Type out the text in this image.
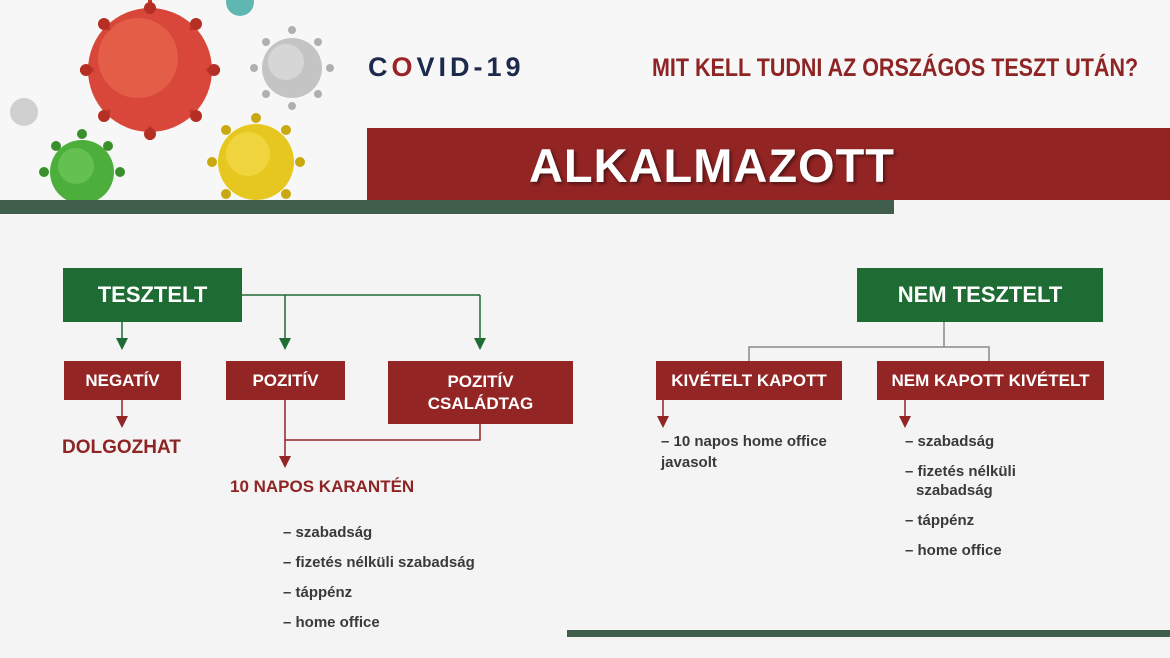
COVID-19	MIT KELL TUDNI AZ ORSZÁGOS TESZT UTÁN?
ALKALMAZOTT
TESZTELT
NEGATÍV	POZITÍV	POZITÍV
CSALÁDTAG
DOLGOZHAT
10 NAPOS KARANTÉN
– szabadság
– fizetés nélküli szabadság
– táppénz
– home office
NEM TESZTELT
KIVÉTELT KAPOTT	NEM KAPOTT KIVÉTELT
– 10 napos home office
javasolt
– szabadság
– fizetés nélküli
szabadság
– táppénz
– home office
